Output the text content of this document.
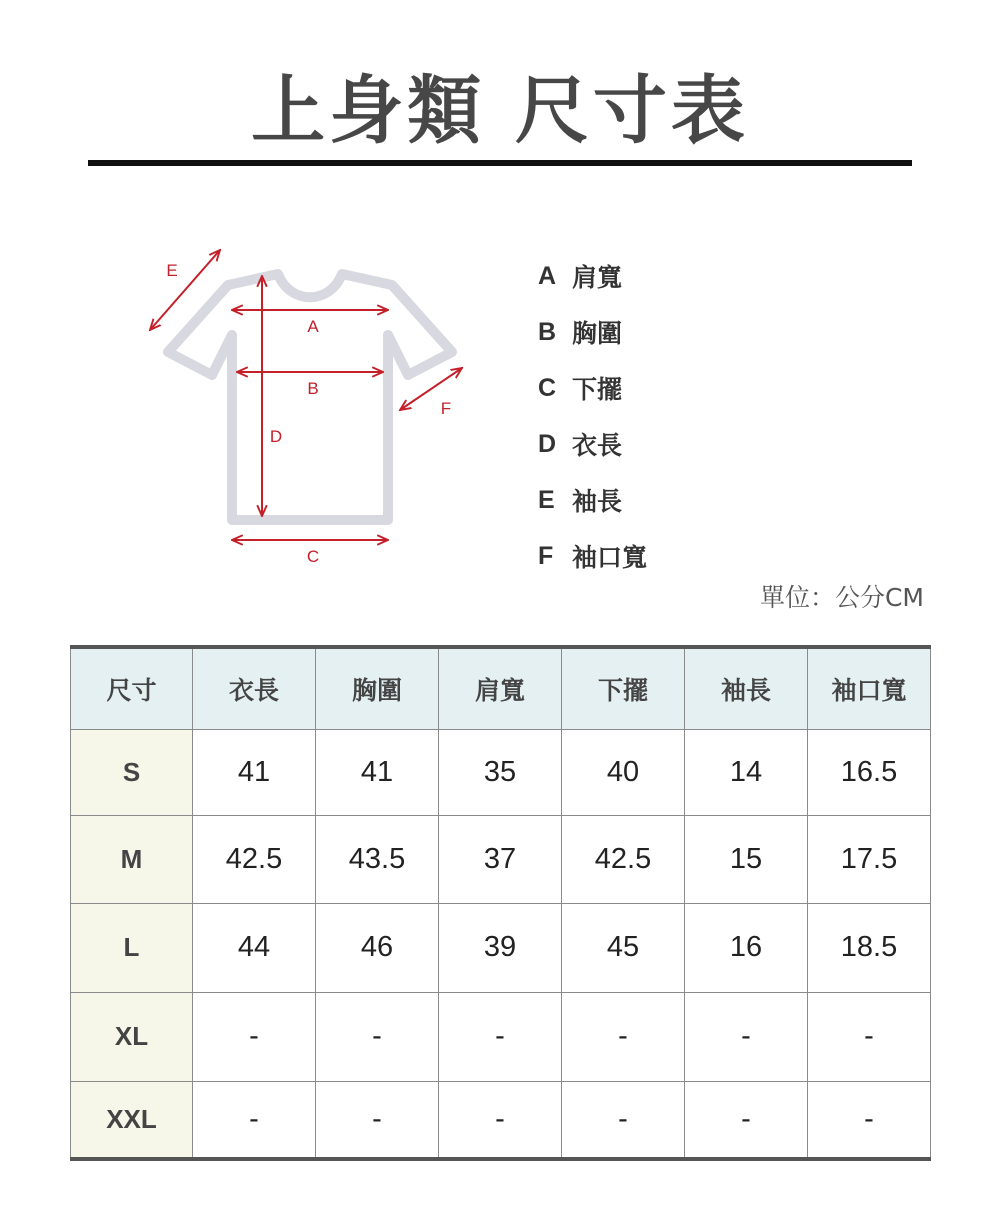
上身類 尺寸表
A
B
D
C
E
F
A 肩寬
B 胸圍
C 下擺
D 衣長
E 袖長
F 袖口寬
單位：公分CM
尺寸	衣長	胸圍	肩寬	下擺	袖長	袖口寬
S	41	41	35	40	14	16.5
M	42.5	43.5	37	42.5	15	17.5
L	44	46	39	45	16	18.5
XL	-	-	-	-	-	-
XXL	-	-	-	-	-	-
